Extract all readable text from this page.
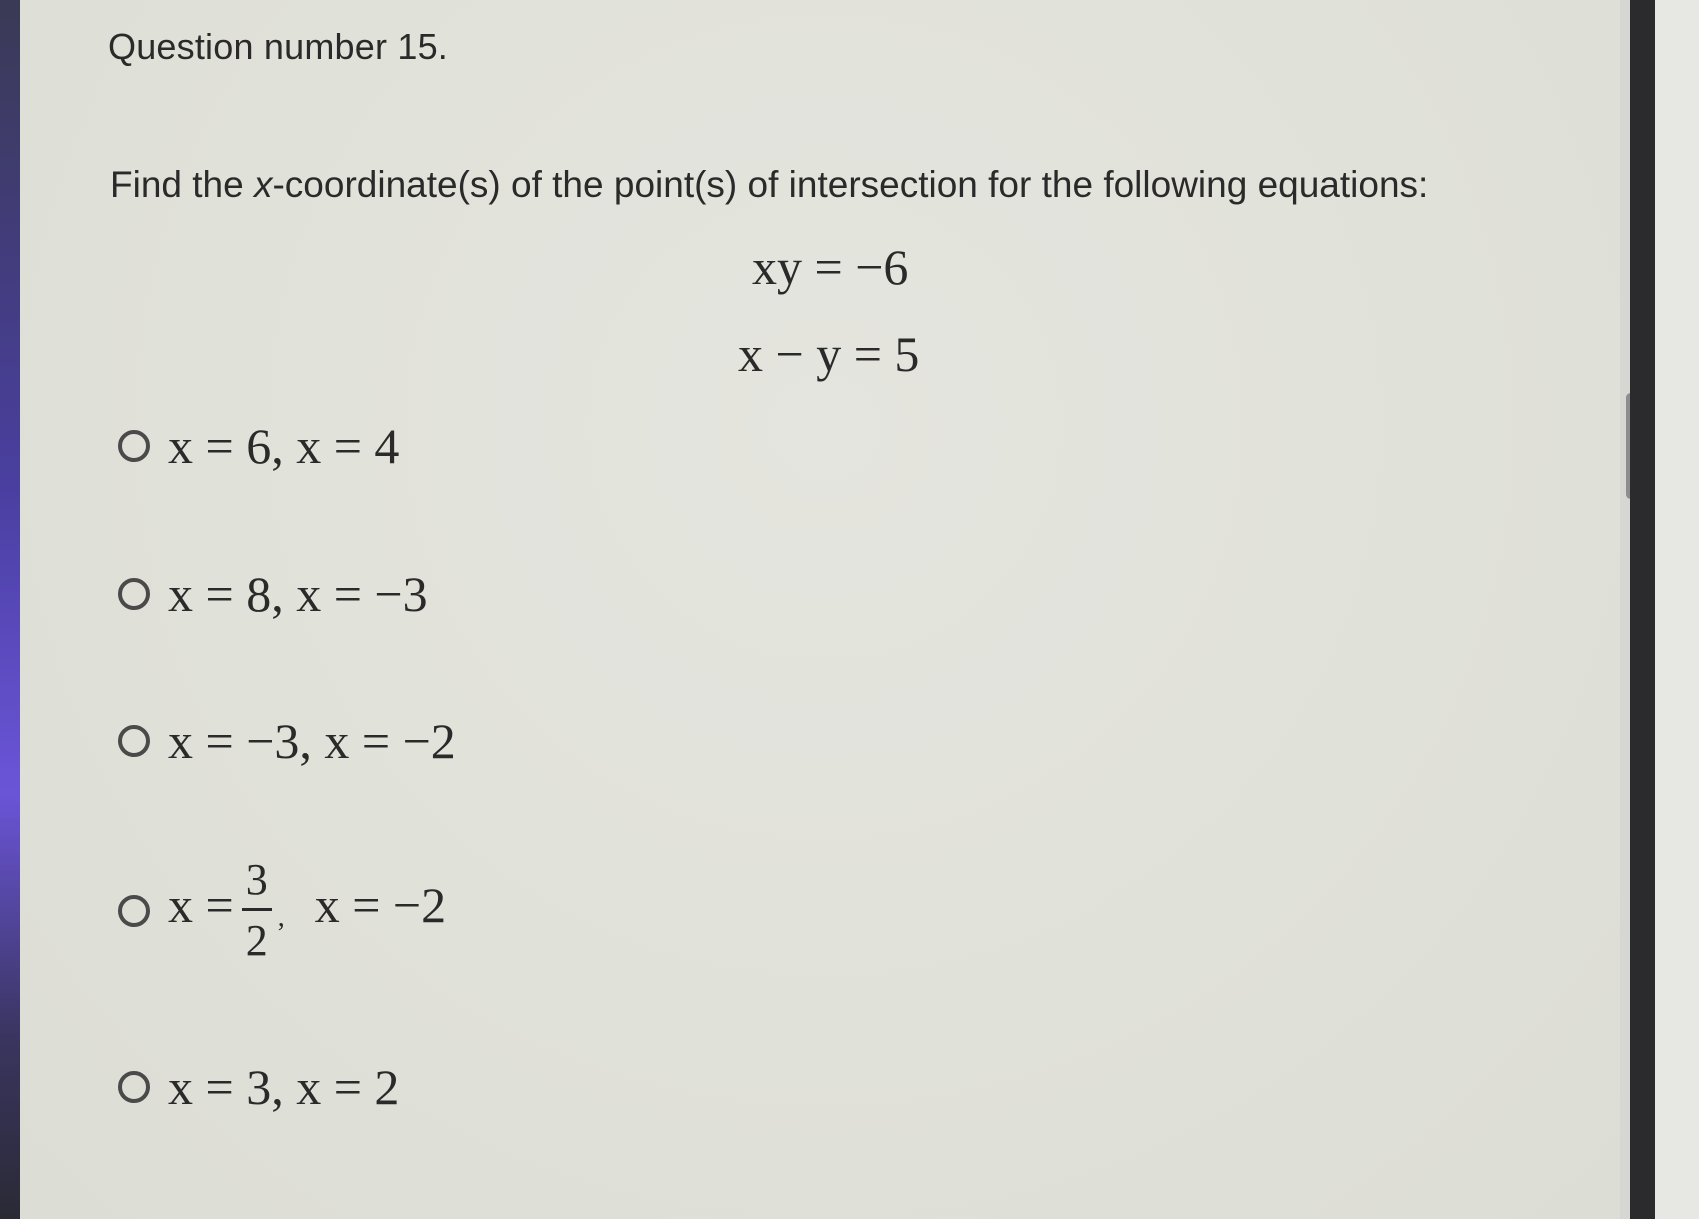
Question number 15.
Find the x-coordinate(s) of the point(s) of intersection for the following equations:
xy = −6
x − y = 5
x = 6, x = 4
x = 8, x = −3
x = −3, x = −2
$x = \frac{3}{2}$ , x = −2
x = 3, x = 2
